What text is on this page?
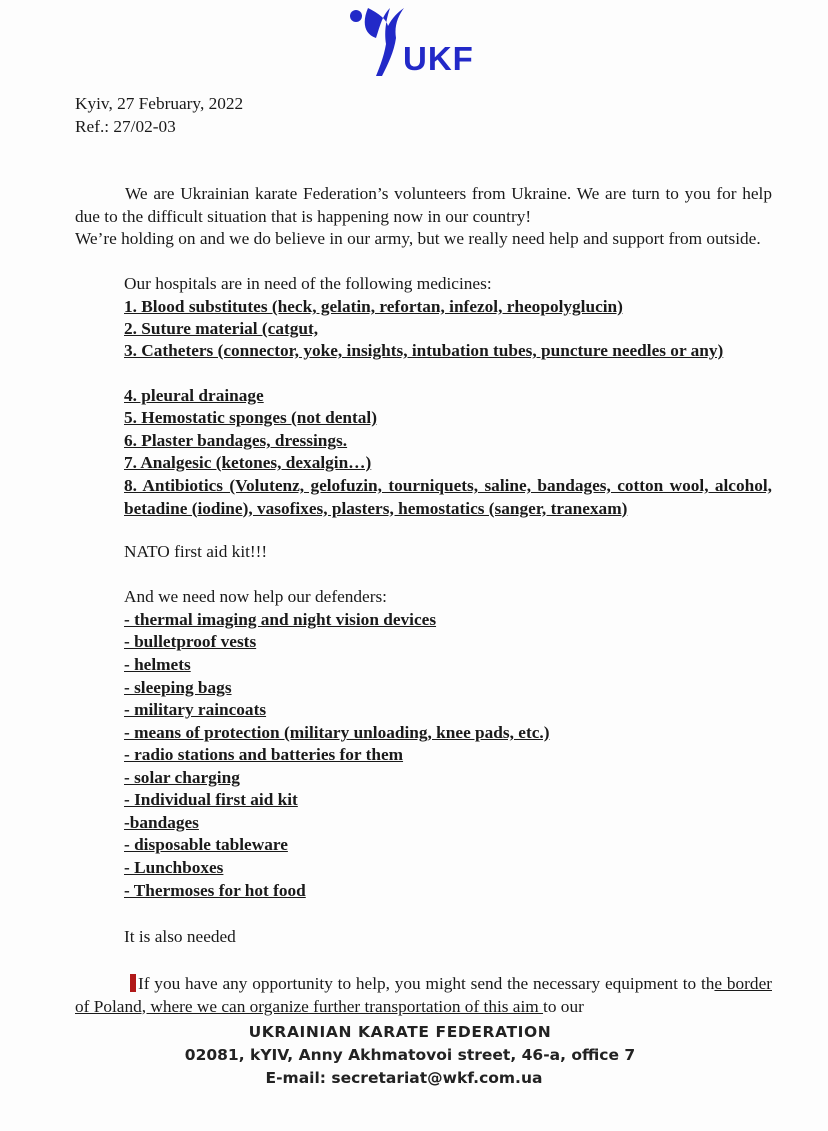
UKF
Kyiv, 27 February, 2022
Ref.: 27/02-03
We are Ukrainian karate Federation’s volunteers from Ukraine. We are turn to you for help due to the difficult situation that is happening now in our country!
We’re holding on and we do believe in our army, but we really need help and support from outside.
Our hospitals are in need of the following medicines:
1. Blood substitutes (heck, gelatin, refortan, infezol, rheopolyglucin)
2. Suture material (catgut,
3. Catheters (connector, yoke, insights, intubation tubes, puncture needles or any)
4. pleural drainage
5. Hemostatic sponges (not dental)
6. Plaster bandages, dressings.
7. Analgesic (ketones, dexalgin…)
8. Antibiotics (Volutenz, gelofuzin, tourniquets, saline, bandages, cotton wool, alcohol, betadine (iodine), vasofixes, plasters, hemostatics (sanger, tranexam)
NATO first aid kit!!!
And we need now help our defenders:
- thermal imaging and night vision devices
- bulletproof vests
- helmets
- sleeping bags
- military raincoats
- means of protection (military unloading, knee pads, etc.)
- radio stations and batteries for them
- solar charging
- Individual first aid kit
-bandages
- disposable tableware
- Lunchboxes
- Thermoses for hot food
It is also needed
If you have any opportunity to help, you might send the necessary equipment to the border of Poland, where we can organize further transportation of this aim to our
UKRAINIAN KARATE FEDERATION
02081, kYIV, Anny Akhmatovoi street, 46-a, office 7
E-mail: secretariat@wkf.com.ua
